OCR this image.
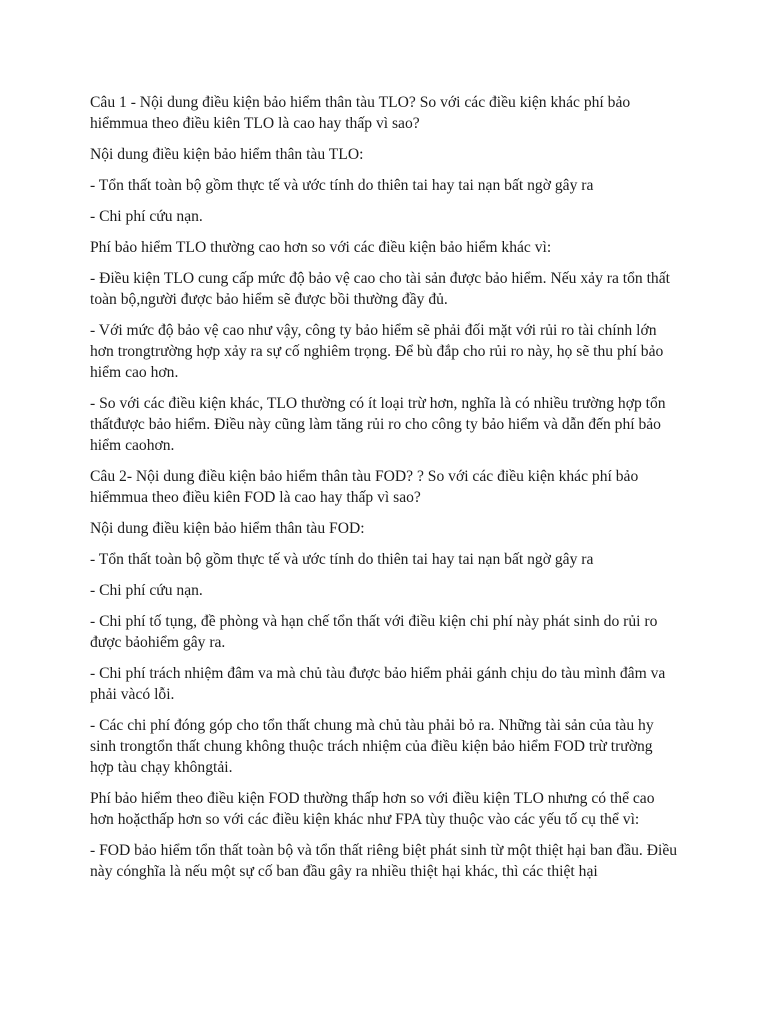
Câu 1 - Nội dung điều kiện bảo hiểm thân tàu TLO? So với các điều kiện khác phí bảo hiểmmua theo điều kiên TLO là cao hay thấp vì sao?

Nội dung điều kiện bảo hiểm thân tàu TLO:

- Tổn thất toàn bộ gồm thực tế và ước tính do thiên tai hay tai nạn bất ngờ gây ra

- Chi phí cứu nạn.

Phí bảo hiểm TLO thường cao hơn so với các điều kiện bảo hiểm khác vì:

- Điều kiện TLO cung cấp mức độ bảo vệ cao cho tài sản được bảo hiểm. Nếu xảy ra tổn thất toàn bộ,người được bảo hiểm sẽ được bồi thường đầy đủ.

- Với mức độ bảo vệ cao như vậy, công ty bảo hiểm sẽ phải đối mặt với rủi ro tài chính lớn hơn trongtrường hợp xảy ra sự cố nghiêm trọng. Để bù đắp cho rủi ro này, họ sẽ thu phí bảo hiểm cao hơn.

- So với các điều kiện khác, TLO thường có ít loại trừ hơn, nghĩa là có nhiều trường hợp tổn thấtđược bảo hiểm. Điều này cũng làm tăng rủi ro cho công ty bảo hiểm và dẫn đến phí bảo hiểm caohơn.

Câu 2- Nội dung điều kiện bảo hiểm thân tàu FOD? ? So với các điều kiện khác phí bảo hiểmmua theo điều kiên FOD là cao hay thấp vì sao?

Nội dung điều kiện bảo hiểm thân tàu FOD:

- Tổn thất toàn bộ gồm thực tế và ước tính do thiên tai hay tai nạn bất ngờ gây ra

- Chi phí cứu nạn.

- Chi phí tố tụng, đề phòng và hạn chế tổn thất với điều kiện chi phí này phát sinh do rủi ro được bảohiểm gây ra.

- Chi phí trách nhiệm đâm va mà chủ tàu được bảo hiểm phải gánh chịu do tàu mình đâm va phải vàcó lỗi.

- Các chi phí đóng góp cho tổn thất chung mà chủ tàu phải bỏ ra. Những tài sản của tàu hy sinh trongtổn thất chung không thuộc trách nhiệm của điều kiện bảo hiểm FOD trừ trường hợp tàu chạy khôngtải.

Phí bảo hiểm theo điều kiện FOD thường thấp hơn so với điều kiện TLO nhưng có thể cao hơn hoặcthấp hơn so với các điều kiện khác như FPA tùy thuộc vào các yếu tố cụ thể vì:

- FOD bảo hiểm tổn thất toàn bộ và tổn thất riêng biệt phát sinh từ một thiệt hại ban đầu. Điều này cónghĩa là nếu một sự cố ban đầu gây ra nhiều thiệt hại khác, thì các thiệt hại
